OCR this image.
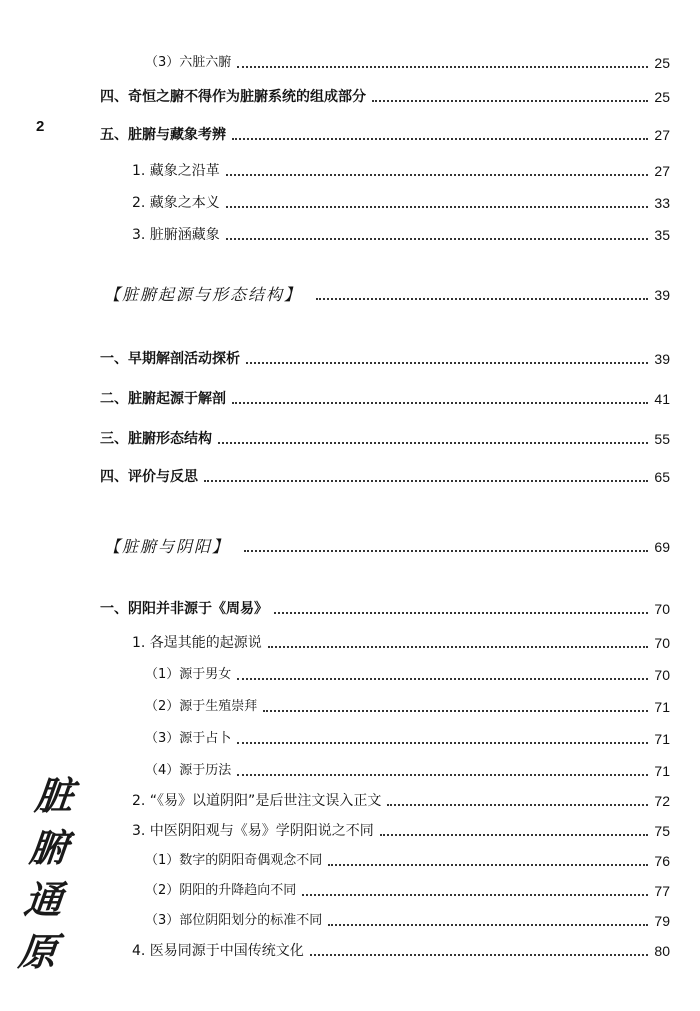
2
（3）六脏六腑	25
四、奇恒之腑不得作为脏腑系统的组成部分	25
五、脏腑与藏象考辨	27
1. 藏象之沿革	27
2. 藏象之本义	33
3. 脏腑涵藏象	35
【脏腑起源与形态结构】	39
一、早期解剖活动探析	39
二、脏腑起源于解剖	41
三、脏腑形态结构	55
四、评价与反思	65
【脏腑与阴阳】	69
一、阴阳并非源于《周易》	70
1. 各逞其能的起源说	70
（1）源于男女	70
（2）源于生殖崇拜	71
（3）源于占卜	71
（4）源于历法	71
2. “《易》以道阴阳”是后世注文误入正文	72
3. 中医阴阳观与《易》学阴阳说之不同	75
（1）数字的阴阳奇偶观念不同	76
（2）阴阳的升降趋向不同	77
（3）部位阴阳划分的标准不同	79
4. 医易同源于中国传统文化	80
脏
腑
通
原
